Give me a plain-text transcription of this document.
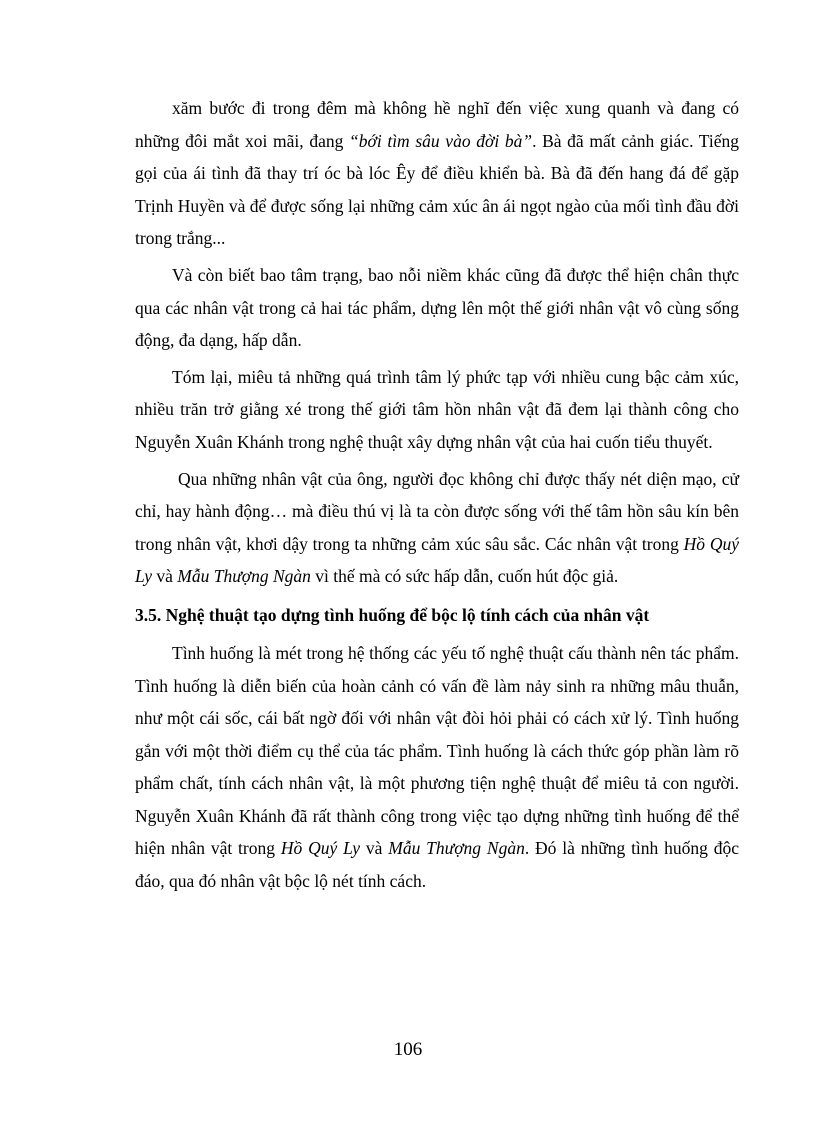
xăm bước đi trong đêm mà không hề nghĩ đến việc xung quanh và đang có những đôi mắt xoi mãi, đang “bới tìm sâu vào đời bà”. Bà đã mất cảnh giác. Tiếng gọi của ái tình đã thay trí óc bà lóc Êy để điều khiển bà. Bà đã đến hang đá để gặp Trịnh Huyền và để được sống lại những cảm xúc ân ái ngọt ngào của mối tình đầu đời trong trắng...

Và còn biết bao tâm trạng, bao nỗi niềm khác cũng đã được thể hiện chân thực qua các nhân vật trong cả hai tác phẩm, dựng lên một thế giới nhân vật vô cùng sống động, đa dạng, hấp dẫn.

Tóm lại, miêu tả những quá trình tâm lý phức tạp với nhiều cung bậc cảm xúc, nhiều trăn trở giằng xé trong thế giới tâm hồn nhân vật đã đem lại thành công cho Nguyễn Xuân Khánh trong nghệ thuật xây dựng nhân vật của hai cuốn tiểu thuyết.

Qua những nhân vật của ông, người đọc không chỉ được thấy nét diện mạo, cử chỉ, hay hành động… mà điều thú vị là ta còn được sống với thế tâm hồn sâu kín bên trong nhân vật, khơi dậy trong ta những cảm xúc sâu sắc. Các nhân vật trong Hồ Quý Ly và Mẫu Thượng Ngàn vì thế mà có sức hấp dẫn, cuốn hút độc giả.

3.5. Nghệ thuật tạo dựng tình huống để bộc lộ tính cách của nhân vật

Tình huống là mét trong hệ thống các yếu tố nghệ thuật cấu thành nên tác phẩm. Tình huống là diễn biến của hoàn cảnh có vấn đề làm nảy sinh ra những mâu thuẫn, như một cái sốc, cái bất ngờ đối với nhân vật đòi hỏi phải có cách xử lý. Tình huống gắn với một thời điểm cụ thể của tác phẩm. Tình huống là cách thức góp phần làm rõ phẩm chất, tính cách nhân vật, là một phương tiện nghệ thuật để miêu tả con người. Nguyễn Xuân Khánh đã rất thành công trong việc tạo dựng những tình huống để thể hiện nhân vật trong Hồ Quý Ly và Mẫu Thượng Ngàn. Đó là những tình huống độc đáo, qua đó nhân vật bộc lộ nét tính cách.

106
